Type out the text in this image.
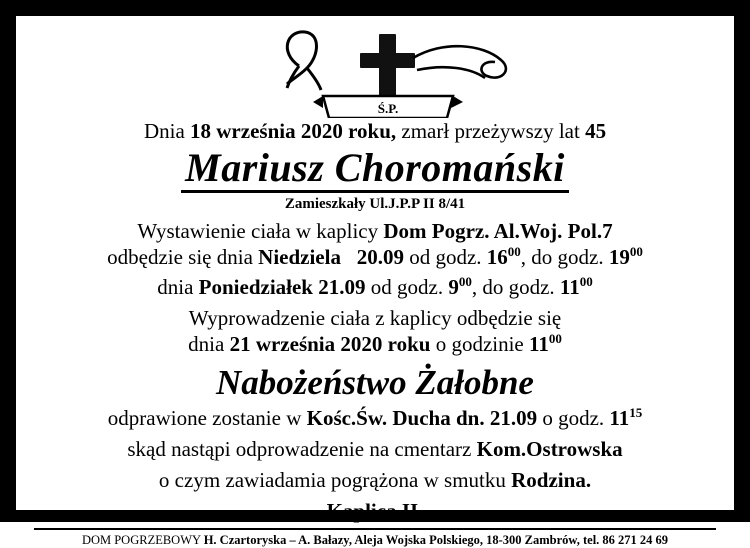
Ś.P.
Dnia 18 września 2020 roku, zmarł przeżywszy lat 45
Mariusz Choromański
Zamieszkały Ul.J.P.P II 8/41
Wystawienie ciała w kaplicy Dom Pogrz. Al.Woj. Pol.7
odbędzie się dnia Niedziela 20.09 od godz. $16^{00}$, do godz. $19^{00}$
dnia Poniedziałek 21.09 od godz. $9^{00}$, do godz. $11^{00}$
Wyprowadzenie ciała z kaplicy odbędzie się
dnia 21 września 2020 roku o godzinie $11^{00}$
Nabożeństwo Żałobne
odprawione zostanie w Kośc.Św. Ducha dn. 21.09 o godz. $11^{15}$
skąd nastąpi odprowadzenie na cmentarz Kom.Ostrowska
o czym zawiadamia pogrążona w smutku Rodzina.
Kaplica II.
DOM POGRZEBOWY H. Czartoryska – A. Bałazy, Aleja Wojska Polskiego, 18-300 Zambrów, tel. 86 271 24 69
